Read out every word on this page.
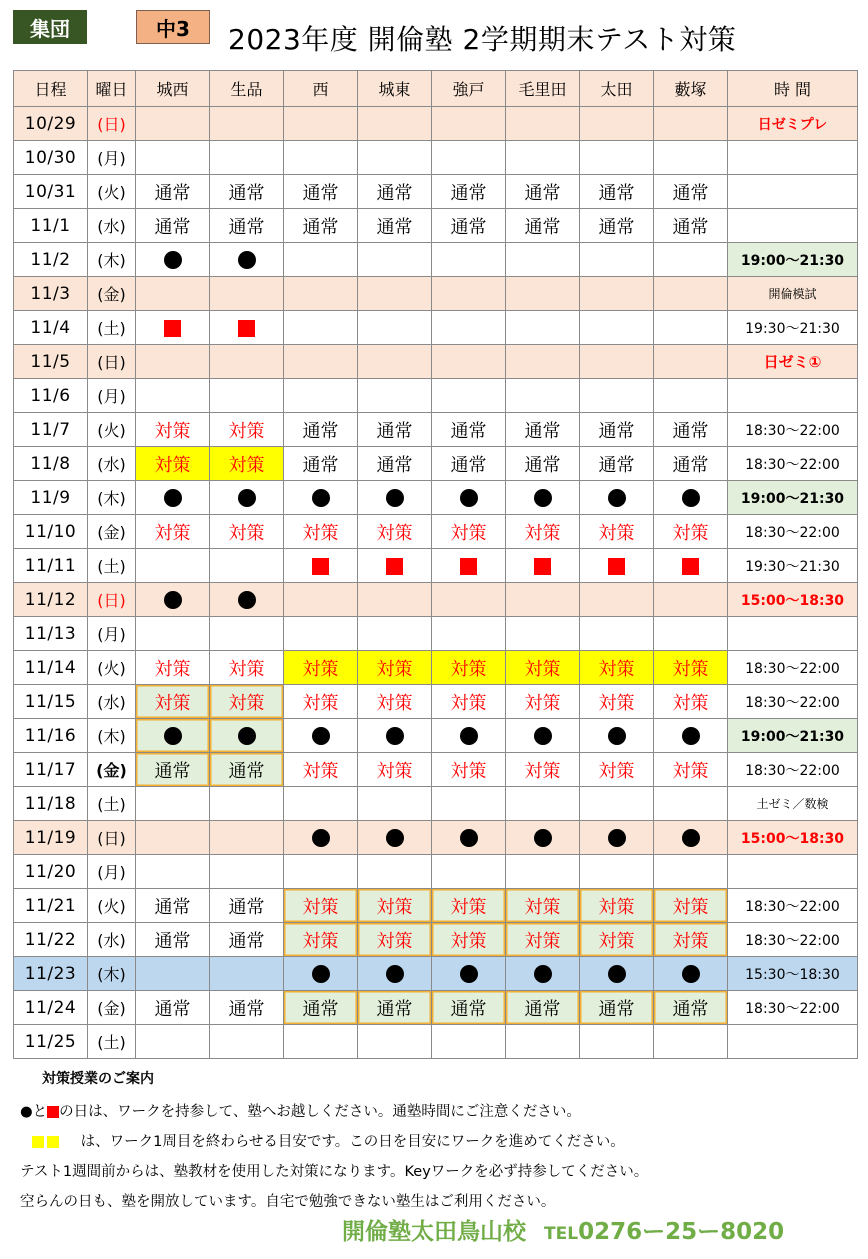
集団	中3	2023年度 開倫塾 2学期期末テスト対策
日程	曜日	城西	生品	西	城東	強戸	毛里田	太田	藪塚	時 間
10/29	(日)									日ゼミプレ
10/30	(月)									
10/31	(火)	通常	通常	通常	通常	通常	通常	通常	通常	
11/1	(水)	通常	通常	通常	通常	通常	通常	通常	通常	
11/2	(木)									19:00～21:30
11/3	(金)									開倫模試
11/4	(土)									19:30～21:30
11/5	(日)									日ゼミ①
11/6	(月)									
11/7	(火)	対策	対策	通常	通常	通常	通常	通常	通常	18:30～22:00
11/8	(水)	対策	対策	通常	通常	通常	通常	通常	通常	18:30～22:00
11/9	(木)									19:00～21:30
11/10	(金)	対策	対策	対策	対策	対策	対策	対策	対策	18:30～22:00
11/11	(土)									19:30～21:30
11/12	(日)									15:00～18:30
11/13	(月)									
11/14	(火)	対策	対策	対策	対策	対策	対策	対策	対策	18:30～22:00
11/15	(水)	対策	対策	対策	対策	対策	対策	対策	対策	18:30～22:00
11/16	(木)									19:00～21:30
11/17	(金)	通常	通常	対策	対策	対策	対策	対策	対策	18:30～22:00
11/18	(土)									土ゼミ／数検
11/19	(日)									15:00～18:30
11/20	(月)									
11/21	(火)	通常	通常	対策	対策	対策	対策	対策	対策	18:30～22:00
11/22	(水)	通常	通常	対策	対策	対策	対策	対策	対策	18:30～22:00
11/23	(木)									15:30～18:30
11/24	(金)	通常	通常	通常	通常	通常	通常	通常	通常	18:30～22:00
11/25	(土)									
対策授業のご案内
●と の日は、ワークを持参して、塾へお越しください。通塾時間にご注意ください。
は、ワーク1周目を終わらせる目安です。この日を目安にワークを進めてください。
テスト1週間前からは、塾教材を使用した対策になります。Keyワークを必ず持参してください。
空らんの日も、塾を開放しています。自宅で勉強できない塾生はご利用ください。
開倫塾太田鳥山校 TEL0276ー25ー8020
